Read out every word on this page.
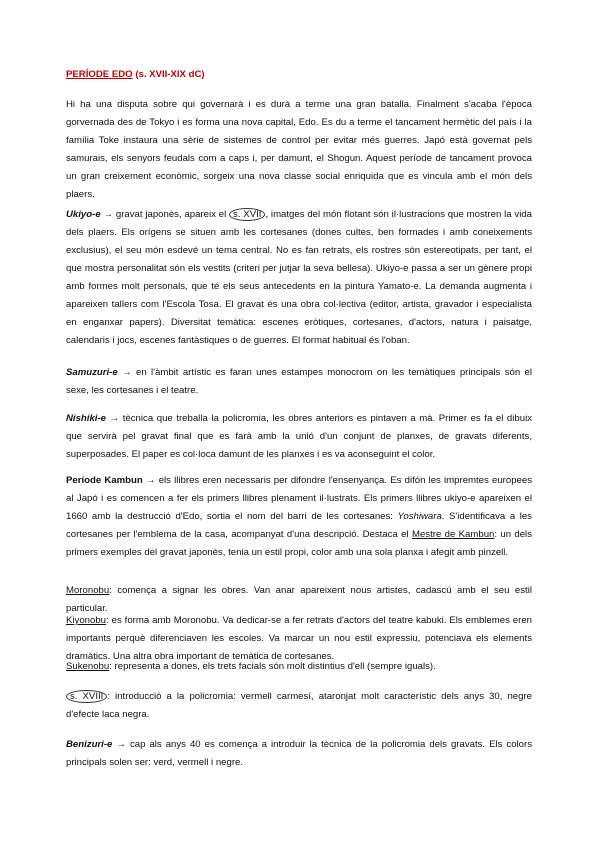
PERÍODE EDO (s. XVII-XIX dC)

Hi ha una disputa sobre qui governarà i es durà a terme una gran batalla. Finalment s'acaba l'època gorvernada des de Tokyo i es forma una nova capital, Edo. Es du a terme el tancament hermètic del país i la família Toke instaura una sèrie de sistemes de control per evitar més guerres. Japó està governat pels samurais, els senyors feudals com a caps i, per damunt, el Shogun. Aquest període de tancament provoca un gran creixement econòmic, sorgeix una nova classe social enriquida que es vincula amb el món dels plaers.

Ukiyo-e → gravat japonès, apareix el s. XVII , imatges del món flotant són il·lustracions que mostren la vida dels plaers. Els orígens se situen amb les cortesanes (dones cultes, ben formades i amb coneixements exclusius), el seu món esdevé un tema central. No es fan retrats, els rostres són estereotipats, per tant, el que mostra personalitat són els vestits (criteri per jutjar la seva bellesa). Ukiyo-e passa a ser un gènere propi amb formes molt personals, que té els seus antecedents en la pintura Yamato-e. La demanda augmenta i apareixen tallers com l'Escola Tosa. El gravat és una obra col·lectiva (editor, artista, gravador i especialista en enganxar papers). Diversitat temàtica: escenes eròtiques, cortesanes, d'actors, natura i paisatge, calendaris i jocs, escenes fantàstiques o de guerres. El format habitual és l'oban.

Samuzuri-e → en l'àmbit artístic es faran unes estampes monocrom on les temàtiques principals són el sexe, les cortesanes i el teatre.

Nishiki-e → tècnica que treballa la policromia, les obres anteriors es pintaven a mà. Primer es fa el dibuix que servirà pel gravat final que es farà amb la unió d'un conjunt de planxes, de gravats diferents, superposades. El paper es col·loca damunt de les planxes i es va aconseguint el color.

Període Kambun → els llibres eren necessaris per difondre l'ensenyança. Es difón les impremtes europees al Japó i es comencen a fer els primers llibres plenament il·lustrats. Els primers llibres ukiyo-e apareixen el 1660 amb la destrucció d'Edo, sortia el nom del barri de les cortesanes: Yoshiwara. S'identificava a les cortesanes per l'emblema de la casa, acompanyat d'una descripció. Destaca el Mestre de Kambun: un dels primers exemples del gravat japonès, tenia un estil propi, color amb una sola planxa i afegit amb pinzell.

Moronobu: comença a signar les obres. Van anar apareixent nous artistes, cadascú amb el seu estil particular.

Kiyonobu: es forma amb Moronobu. Va dedicar-se a fer retrats d'actors del teatre kabuki. Els emblemes eren importants perquè diferenciaven les escoles. Va marcar un nou estil expressiu, potenciava els elements dramàtics. Una altra obra important de temàtica de cortesanes.

Sukenobu: representa a dones, els trets facials són molt distintius d'ell (sempre iguals).

s. XVIII : introducció a la policromia: vermell carmesí, ataronjat molt característic dels anys 30, negre d'efecte laca negra.

Benizuri-e → cap als anys 40 es comença a introduir la tècnica de la policromia dels gravats. Els colors principals solen ser: verd, vermell i negre.
